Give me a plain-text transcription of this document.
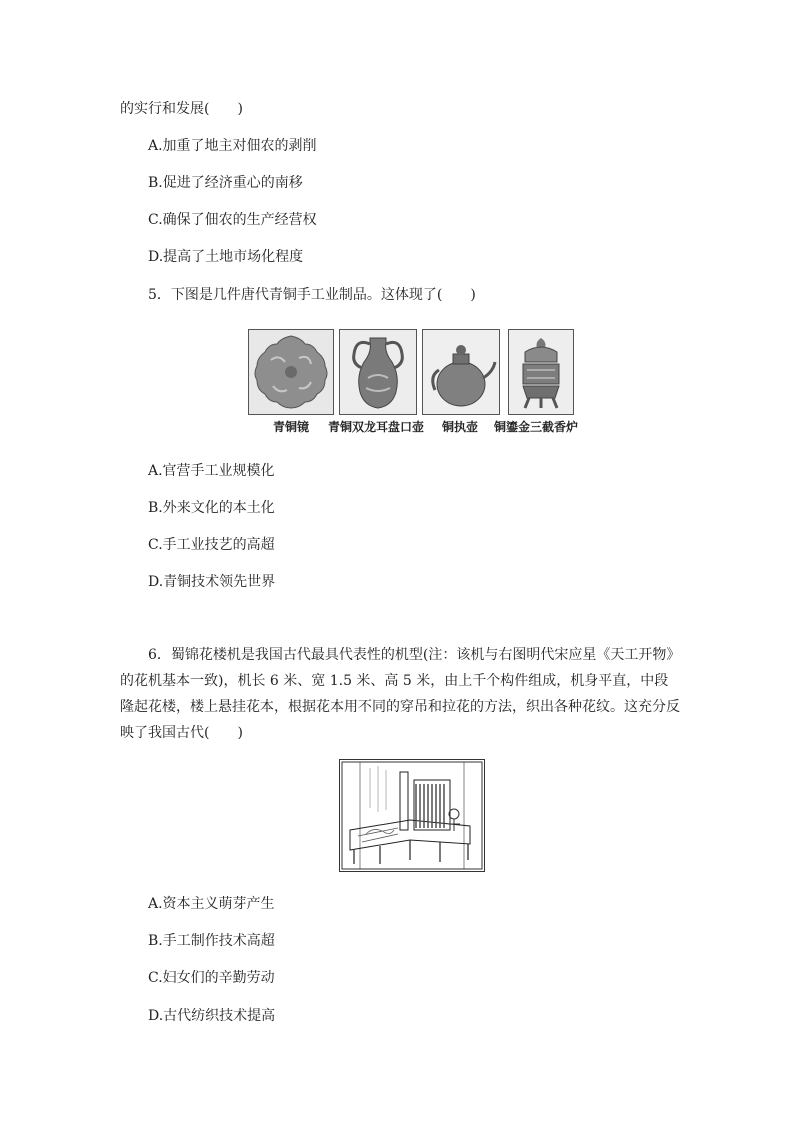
的实行和发展(　　)
A.加重了地主对佃农的剥削
B.促进了经济重心的南移
C.确保了佃农的生产经营权
D.提高了土地市场化程度
5．下图是几件唐代青铜手工业制品。这体现了(　　)
青铜镜	青铜双龙耳盘口壶	铜执壶	铜鎏金三截香炉
A.官营手工业规模化
B.外来文化的本土化
C.手工业技艺的高超
D.青铜技术领先世界
6．蜀锦花楼机是我国古代最具代表性的机型(注：该机与右图明代宋应星《天工开物》的花机基本一致)，机长 6 米、宽 1.5 米、高 5 米，由上千个构件组成，机身平直，中段隆起花楼，楼上悬挂花本，根据花本用不同的穿吊和拉花的方法，织出各种花纹。这充分反映了我国古代(　　)
A.资本主义萌芽产生
B.手工制作技术高超
C.妇女们的辛勤劳动
D.古代纺织技术提高
